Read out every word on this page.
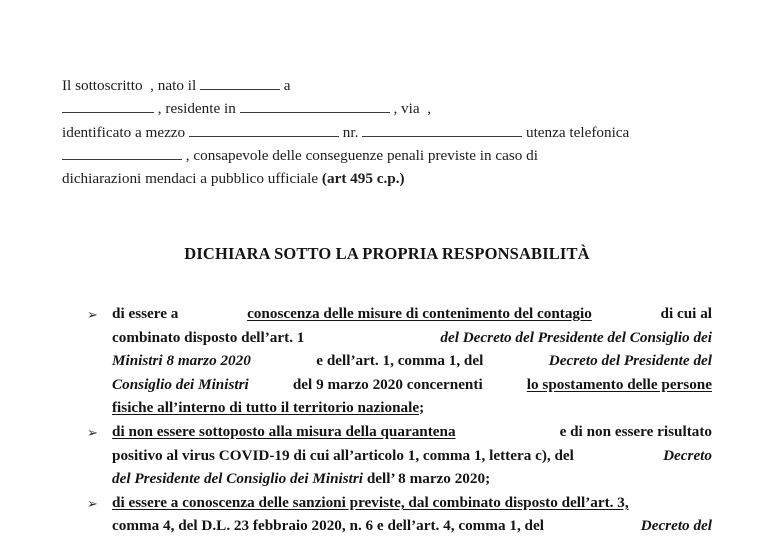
Il sottoscritto , nato il	a
, residente in	, via ,
identificato a mezzo	nr.	utenza telefonica
, consapevole delle conseguenze penali previste in caso di
dichiarazioni mendaci a pubblico ufficiale (art 495 c.p.)
DICHIARA SOTTO LA PROPRIA RESPONSABILITÀ
➢ di essere a	conoscenza delle misure di contenimento del contagio	di cui al
combinato disposto dell’art. 1	del Decreto del Presidente del Consiglio dei
Ministri 8 marzo 2020	e dell’art. 1, comma 1, del	Decreto del Presidente del
Consiglio dei Ministri	del 9 marzo 2020 concernenti	lo spostamento delle persone
fisiche all’interno di tutto il territorio nazionale;
➢ di non essere sottoposto alla misura della quarantena	e di non essere risultato
positivo al virus COVID-19 di cui all’articolo 1, comma 1, lettera c), del	Decreto
del Presidente del Consiglio dei Ministri dell’ 8 marzo 2020;
➢ di essere a conoscenza delle sanzioni previste, dal combinato disposto dell’art. 3,
comma 4, del D.L. 23 febbraio 2020, n. 6 e dell’art. 4, comma 1, del	Decreto del
